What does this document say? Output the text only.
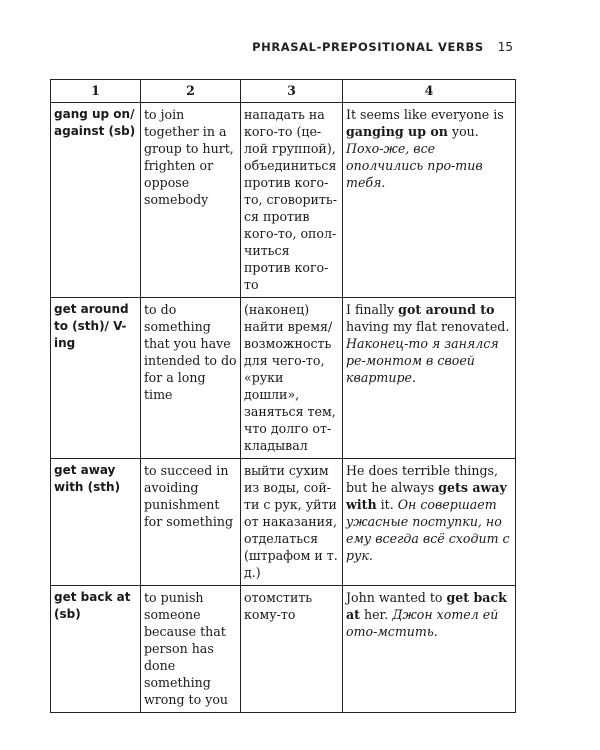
PHRASAL-PREPOSITIONAL VERBS 15
1	2	3	4
gang up on/ against (sb)	to join together in a group to hurt, frighten or oppose somebody	нападать на кого-то (це-лой группой), объединиться против кого-то, сговорить-ся против кого-то, опол-читься против кого-то	It seems like everyone is ganging up on you. Похо-же, все ополчились про-тив тебя.
get around to (sth)/ V-ing	to do something that you have intended to do for a long time	(наконец) найти время/ возможность для чего-то, «руки дошли», заняться тем, что долго от-кладывал	I finally got around to having my flat renovated. Наконец-то я занялся ре-монтом в своей квартире.
get away with (sth)	to succeed in avoiding punishment for something	выйти сухим из воды, сой-ти с рук, уйти от наказания, отделаться (штрафом и т. д.)	He does terrible things, but he always gets away with it. Он совершает ужасные поступки, но ему всегда всё сходит с рук.
get back at (sb)	to punish someone because that person has done something wrong to you	отомстить кому-то	John wanted to get back at her. Джон хотел ей ото-мстить.
